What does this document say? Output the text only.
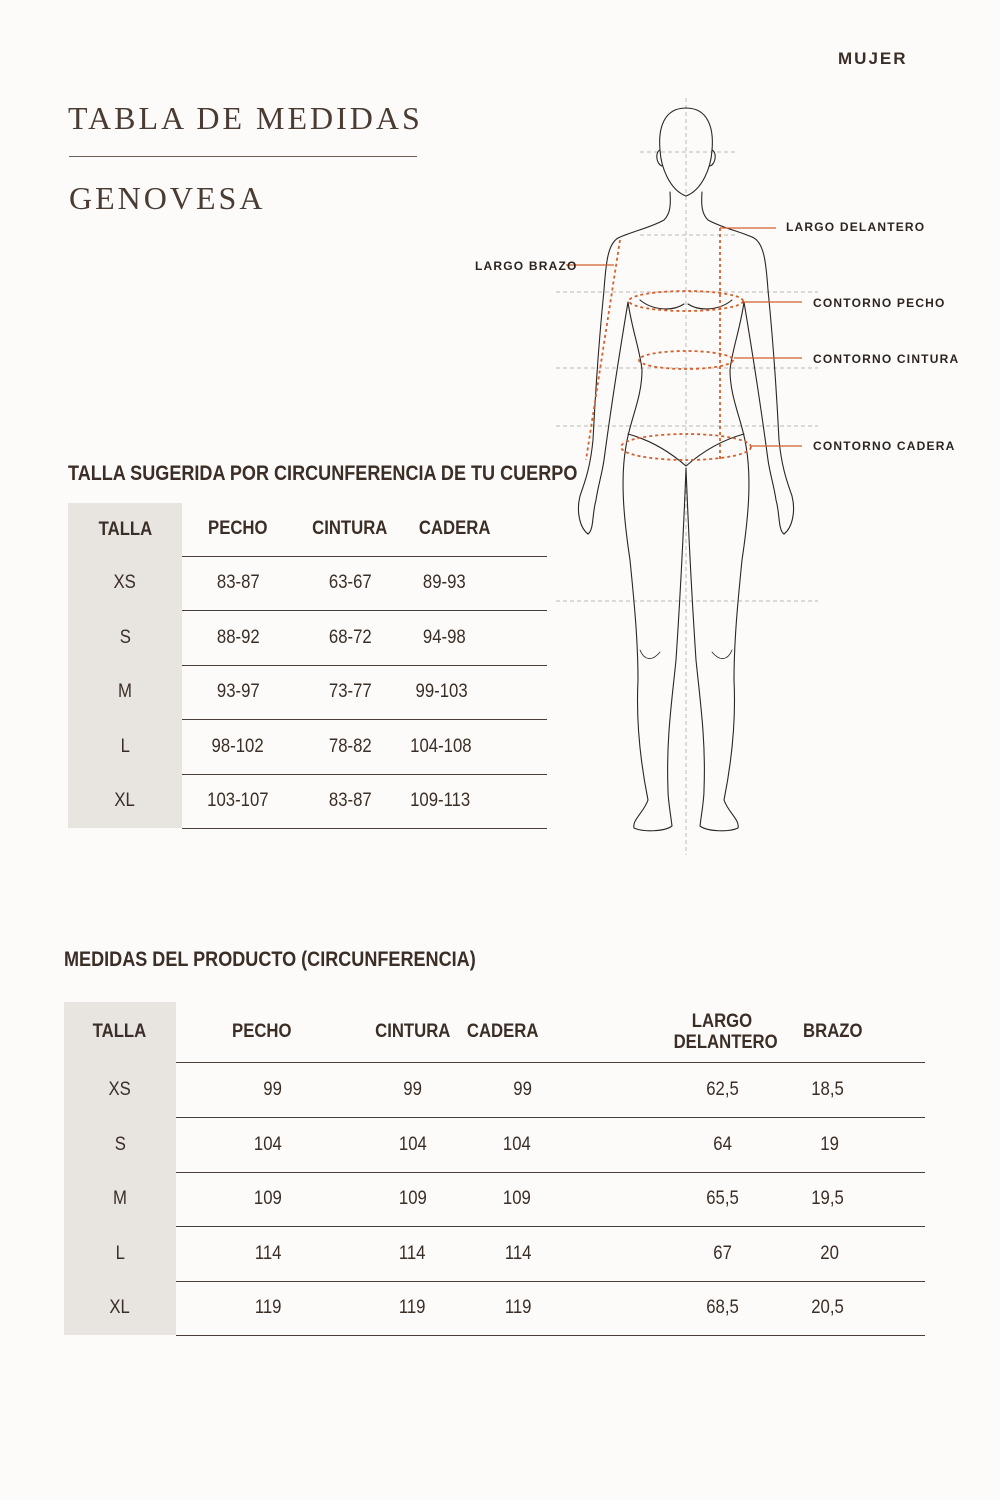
MUJER
TABLA DE MEDIDAS
GENOVESA
LARGO DELANTERO
LARGO BRAZO
CONTORNO PECHO
CONTORNO CINTURA
CONTORNO CADERA
TALLA SUGERIDA POR CIRCUNFERENCIA DE TU CUERPO
TALLA	PECHO	CINTURA	CADERA
XS	83-87	63-67	89-93
S	88-92	68-72	94-98
M	93-97	73-77	99-103
L	98-102	78-82	104-108
XL	103-107	83-87	109-113
MEDIDAS DEL PRODUCTO (CIRCUNFERENCIA)
TALLA	PECHO	CINTURA	CADERA	LARGO DELANTERO	BRAZO
XS	99	99	99	62,5	18,5
S	104	104	104	64	19
M	109	109	109	65,5	19,5
L	114	114	114	67	20
XL	119	119	119	68,5	20,5
